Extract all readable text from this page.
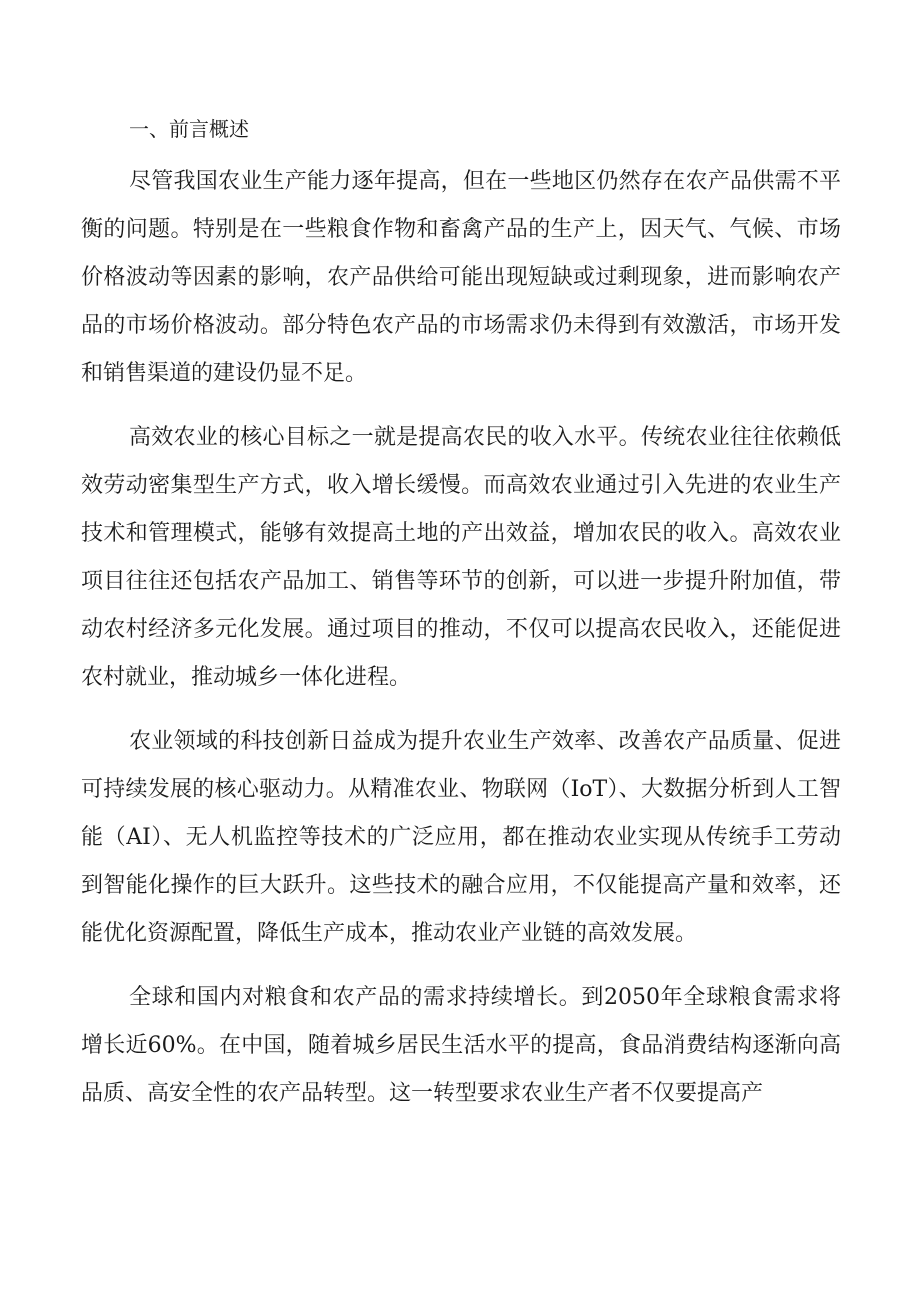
一、前言概述

尽管我国农业生产能力逐年提高，但在一些地区仍然存在农产品供需不平衡的问题。特别是在一些粮食作物和畜禽产品的生产上，因天气、气候、市场价格波动等因素的影响，农产品供给可能出现短缺或过剩现象，进而影响农产品的市场价格波动。部分特色农产品的市场需求仍未得到有效激活，市场开发和销售渠道的建设仍显不足。

高效农业的核心目标之一就是提高农民的收入水平。传统农业往往依赖低效劳动密集型生产方式，收入增长缓慢。而高效农业通过引入先进的农业生产技术和管理模式，能够有效提高土地的产出效益，增加农民的收入。高效农业项目往往还包括农产品加工、销售等环节的创新，可以进一步提升附加值，带动农村经济多元化发展。通过项目的推动，不仅可以提高农民收入，还能促进农村就业，推动城乡一体化进程。

农业领域的科技创新日益成为提升农业生产效率、改善农产品质量、促进可持续发展的核心驱动力。从精准农业、物联网（IoT）、大数据分析到人工智能（AI）、无人机监控等技术的广泛应用，都在推动农业实现从传统手工劳动到智能化操作的巨大跃升。这些技术的融合应用，不仅能提高产量和效率，还能优化资源配置，降低生产成本，推动农业产业链的高效发展。

全球和国内对粮食和农产品的需求持续增长。到2050年全球粮食需求将增长近60%。在中国，随着城乡居民生活水平的提高，食品消费结构逐渐向高品质、高安全性的农产品转型。这一转型要求农业生产者不仅要提高产
